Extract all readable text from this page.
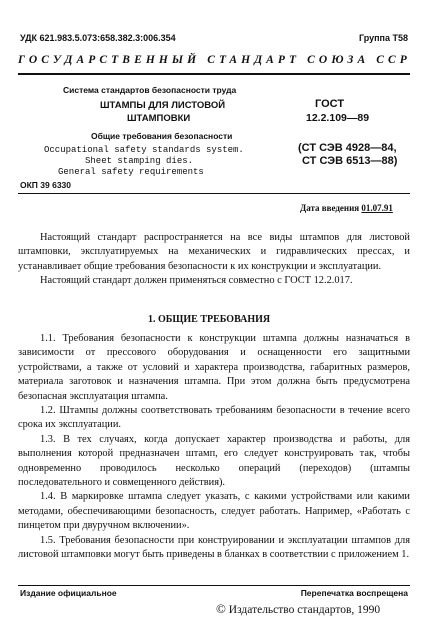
УДК 621.983.5.073:658.382.3:006.354	Группа Т58
ГОСУДАРСТВЕННЫЙ СТАНДАРТ СОЮЗА ССР
Система стандартов безопасности труда
ШТАМПЫ ДЛЯ ЛИСТОВОЙ
ШТАМПОВКИ
Общие требования безопасности
Occupational safety standards system.
Sheet stamping dies.
General safety requirements
ОКП 39 6330
ГОСТ
12.2.109—89
(СТ СЭВ 4928—84,
СТ СЭВ 6513—88)
Дата введения 01.07.91

Настоящий стандарт распространяется на все виды штампов для листовой штамповки, эксплуатируемых на механических и гидравлических прессах, и устанавливает общие требования безопасности к их конструкции и эксплуатации.

Настоящий стандарт должен применяться совместно с ГОСТ 12.2.017.

1. ОБЩИЕ ТРЕБОВАНИЯ

1.1. Требования безопасности к конструкции штампа должны назначаться в зависимости от прессового оборудования и оснащенности его защитными устройствами, а также от условий и характера производства, габаритных размеров, материала заготовок и назначения штампа. При этом должна быть предусмотрена безопасная эксплуатация штампа.

1.2. Штампы должны соответствовать требованиям безопасности в течение всего срока их эксплуатации.

1.3. В тех случаях, когда допускает характер производства и работы, для выполнения которой предназначен штамп, его следует конструировать так, чтобы одновременно проводилось несколько операций (переходов) (штампы последовательного и совмещенного действия).

1.4. В маркировке штампа следует указать, с какими устройствами или какими методами, обеспечивающими безопасность, следует работать. Например, «Работать с пинцетом при двуручном включении».

1.5. Требования безопасности при конструировании и эксплуатации штампов для листовой штамповки могут быть приведены в бланках в соответствии с приложением 1.

Издание официальное	Перепечатка воспрещена
© Издательство стандартов, 1990
